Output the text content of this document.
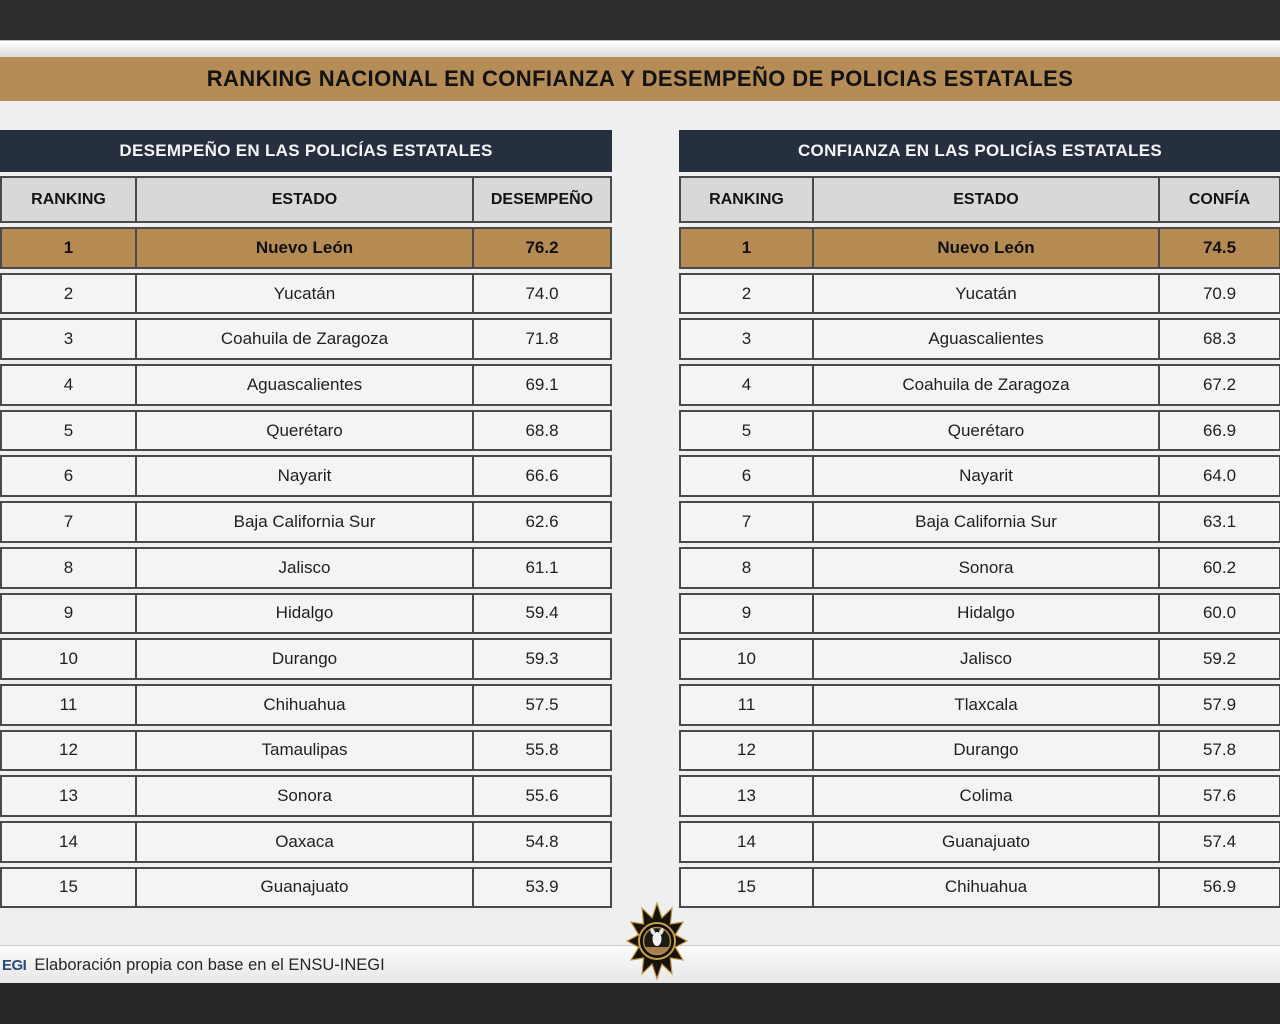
RANKING NACIONAL EN CONFIANZA Y DESEMPEÑO DE POLICIAS ESTATALES
DESEMPEÑO EN LAS POLICÍAS ESTATALES
RANKING	ESTADO	DESEMPEÑO
1	Nuevo León	76.2
2	Yucatán	74.0
3	Coahuila de Zaragoza	71.8
4	Aguascalientes	69.1
5	Querétaro	68.8
6	Nayarit	66.6
7	Baja California Sur	62.6
8	Jalisco	61.1
9	Hidalgo	59.4
10	Durango	59.3
11	Chihuahua	57.5
12	Tamaulipas	55.8
13	Sonora	55.6
14	Oaxaca	54.8
15	Guanajuato	53.9
CONFIANZA EN LAS POLICÍAS ESTATALES
RANKING	ESTADO	CONFÍA
1	Nuevo León	74.5
2	Yucatán	70.9
3	Aguascalientes	68.3
4	Coahuila de Zaragoza	67.2
5	Querétaro	66.9
6	Nayarit	64.0
7	Baja California Sur	63.1
8	Sonora	60.2
9	Hidalgo	60.0
10	Jalisco	59.2
11	Tlaxcala	57.9
12	Durango	57.8
13	Colima	57.6
14	Guanajuato	57.4
15	Chihuahua	56.9
EGI Elaboración propia con base en el ENSU-INEGI
